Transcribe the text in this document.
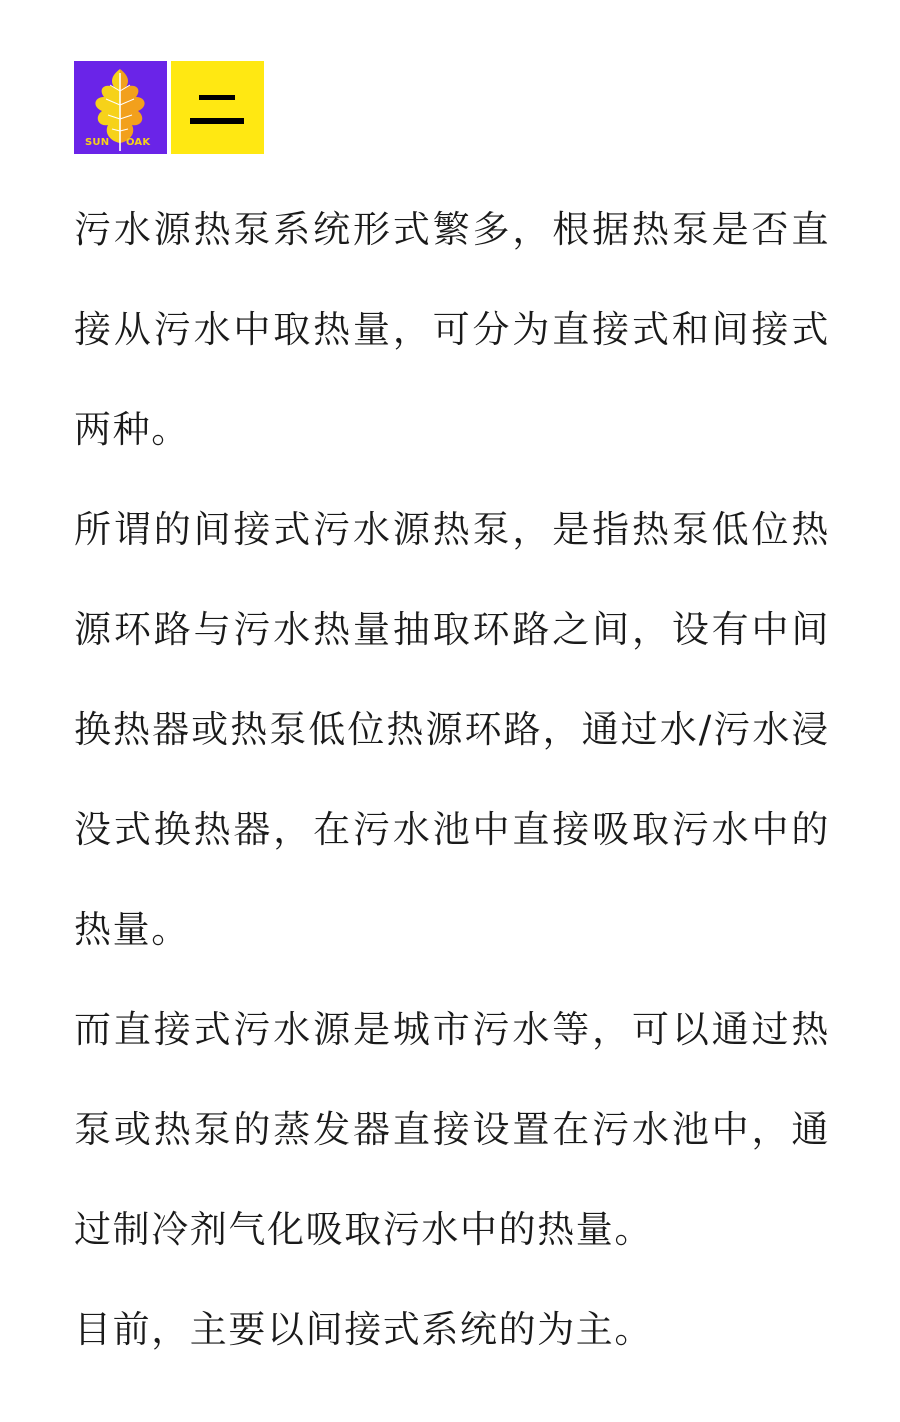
SUN OAK

污水源热泵系统形式繁多，根据热泵是否直接从污水中取热量，可分为直接式和间接式两种。

所谓的间接式污水源热泵，是指热泵低位热源环路与污水热量抽取环路之间，设有中间换热器或热泵低位热源环路，通过水/污水浸没式换热器，在污水池中直接吸取污水中的热量。

而直接式污水源是城市污水等，可以通过热泵或热泵的蒸发器直接设置在污水池中，通过制冷剂气化吸取污水中的热量。

目前，主要以间接式系统的为主。
